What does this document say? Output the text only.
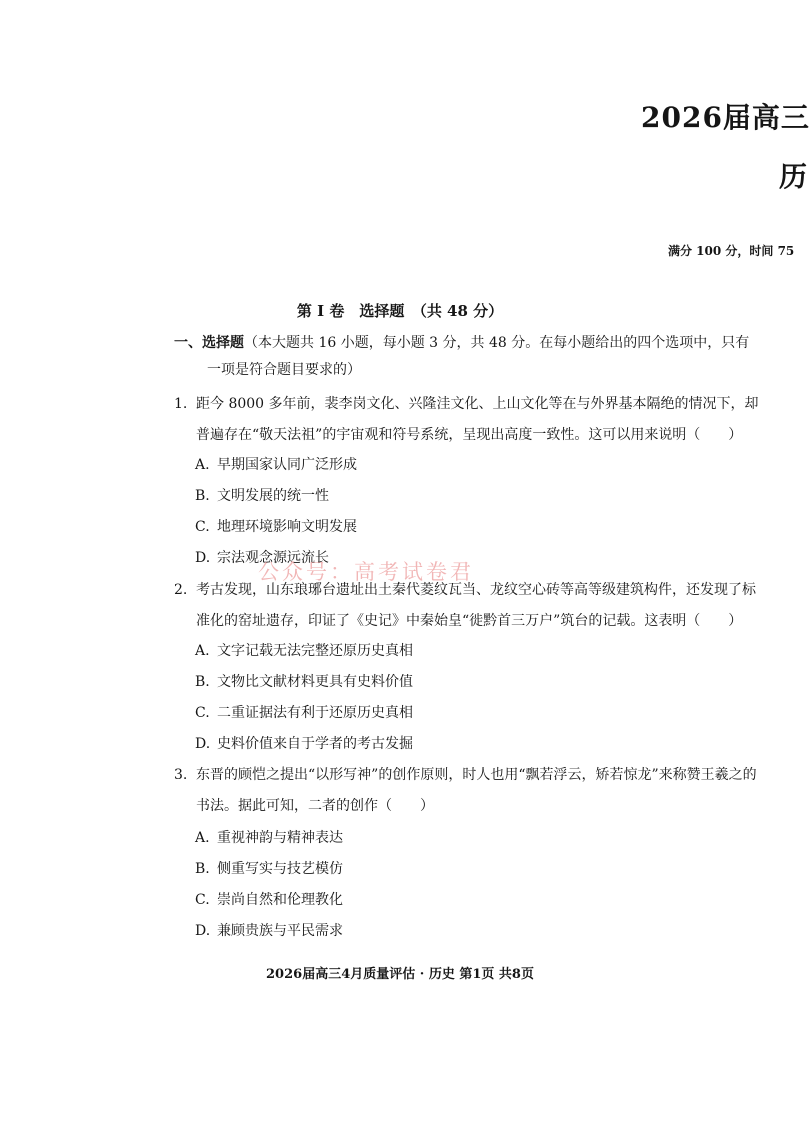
2026届高三
历
满分 100 分，时间 75
第 I 卷　选择题　（共 48 分）
一、选择题（本大题共 16 小题，每小题 3 分，共 48 分。在每小题给出的四个选项中，只有
一项是符合题目要求的）
1. 距今 8000 多年前，裴李岗文化、兴隆洼文化、上山文化等在与外界基本隔绝的情况下，却普遍存在“敬天法祖”的宇宙观和符号系统，呈现出高度一致性。这可以用来说明（　　）
A. 早期国家认同广泛形成
B. 文明发展的统一性
C. 地理环境影响文明发展
D. 宗法观念源远流长
2. 考古发现，山东琅琊台遗址出土秦代菱纹瓦当、龙纹空心砖等高等级建筑构件，还发现了标准化的窑址遗存，印证了《史记》中秦始皇“徙黔首三万户”筑台的记载。这表明（　　）
A. 文字记载无法完整还原历史真相
B. 文物比文献材料更具有史料价值
C. 二重证据法有利于还原历史真相
D. 史料价值来自于学者的考古发掘
3. 东晋的顾恺之提出“以形写神”的创作原则，时人也用“飘若浮云，矫若惊龙”来称赞王羲之的书法。据此可知，二者的创作（　　）
A. 重视神韵与精神表达
B. 侧重写实与技艺模仿
C. 崇尚自然和伦理教化
D. 兼顾贵族与平民需求
公众号：高考试卷君
2026届高三4月质量评估 · 历史 第1页 共8页
